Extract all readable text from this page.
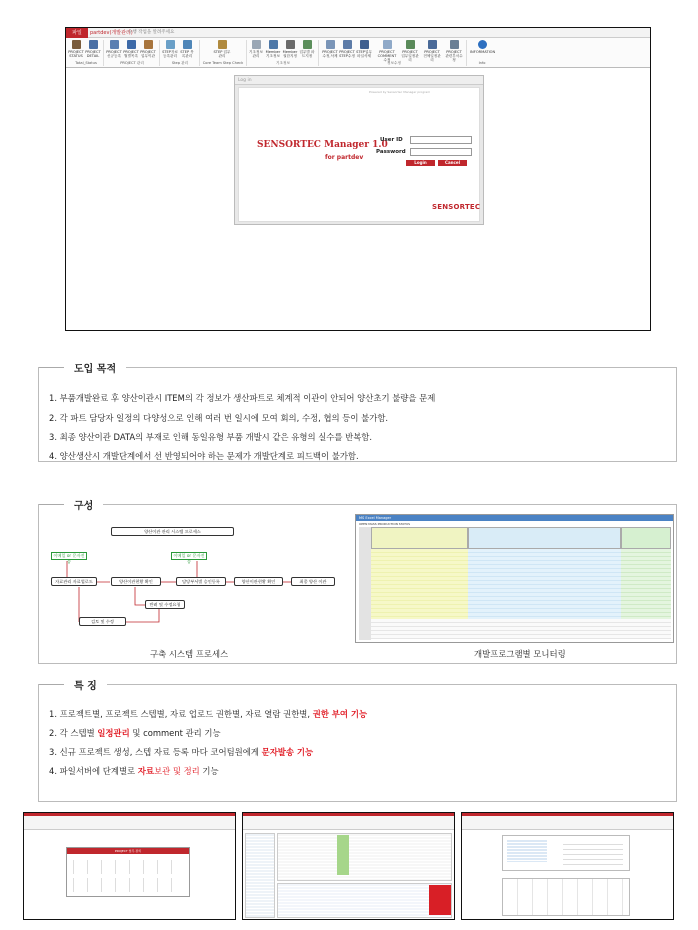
파일	partdev(개발관리)
수행 작업을 알려주세요
PROJECT STATUS
PROJECT DETAIL
PROJECT 신규등록
PROJECT 월별목록
PROJECT 업무이관
STEP자료 등록관리
STEP 목록관리
STEP 업무관리
기초정보 관리
Member 기초정보
Member 권한지정
업무별 파트지정
PROJECT 수정,삭제
PROJECT STEP수정
STEP업무 파일삭제
PROJECT COMMENT수정
PROJECT 업무일정관리
PROJECT 전체일정관리
PROJECT 관련부서수정
INFORMATION
Total_Status	PROJECT 관리	Step 관리	Core Team Step Check	기초정보	정보수정	Info
Log in
Powered by Sensortec Manager program
SENSORTEC Manager 1.0
for partdev
User ID
Password
Login	Cancel
SENSORTEC
도입 목적
1. 부품개발완료 후 양산이관시 ITEM의 각 정보가 생산파트로 체계적 이관이 안되어 양산초기 불량을 문제
2. 각 파트 담당자 일정의 다양성으로 인해 여러 번 일시에 모여 회의, 수정, 협의 등이 불가함.
3. 최종 양산이관 DATA의 부재로 인해 동일유형 부품 개발시 같은 유형의 실수를 반복함.
4. 양산생산시 개발단계에서 선 반영되어야 하는 문제가 개발단계로 피드백이 불가함.
구성
양산이관 관리 시스템 프로세스
이메일 or 문자전송
이메일 or 문자전송
자료관리 자료업로드	양산이관현황 확인	담당부서별 승인등록	양산이관현황 확인	최종 양산 이관
반려 및 수정요청
검토 및 수정
구축 시스템 프로세스
MS Excel Manager
OPEN MASS PRODUCTION STATUS
개발프로그램별 모니터링
특 징
1. 프로젝트별, 프로젝트 스텝별, 자료 업로드 권한별, 자료 열람 권한별, 권한 부여 기능
2. 각 스텝별 일정관리 및 comment 관리 기능
3. 신규 프로젝트 생성, 스텝 자료 등록 마다 코어팀원에게 문자발송 기능
4. 파일서버에 단계별로 자료보관 및 정리 기능
PROJECT 업무 관리
